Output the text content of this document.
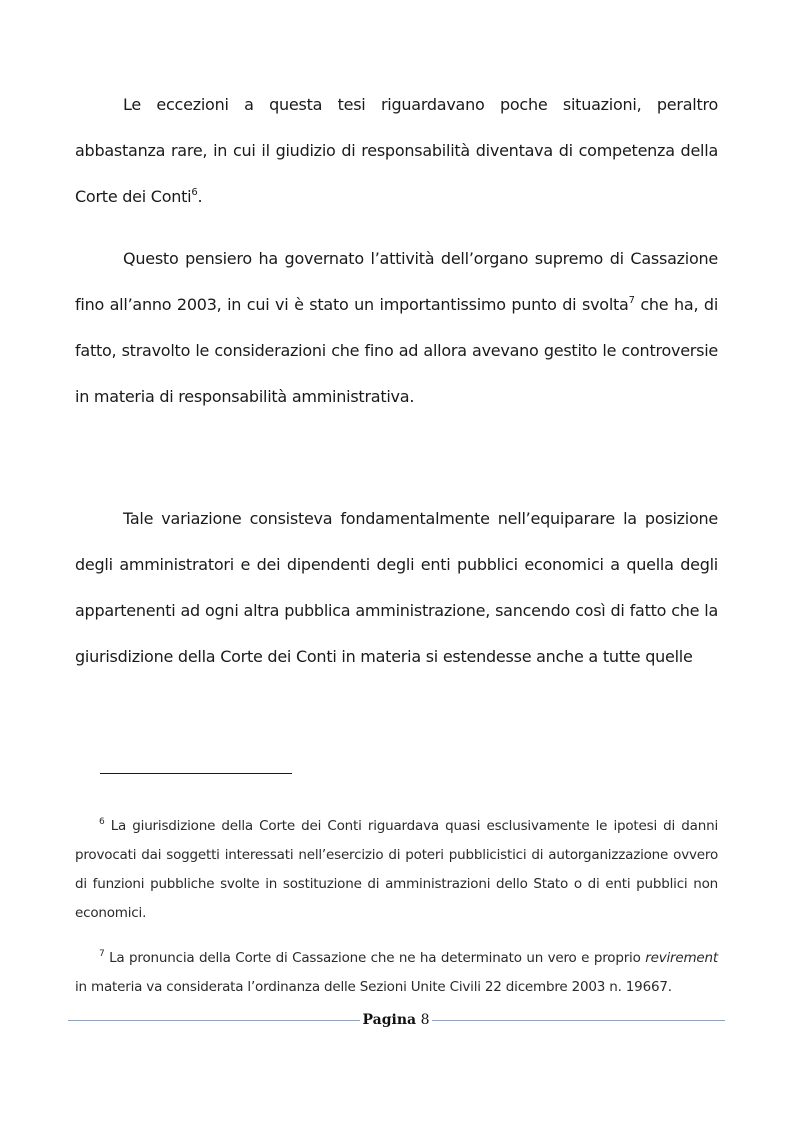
Le eccezioni a questa tesi riguardavano poche situazioni, peraltro abbastanza rare, in cui il giudizio di responsabilità diventava di competenza della Corte dei Conti$^6$.

Questo pensiero ha governato l’attività dell’organo supremo di Cassazione fino all’anno 2003, in cui vi è stato un importantissimo punto di svolta$^7$ che ha, di fatto, stravolto le considerazioni che fino ad allora avevano gestito le controversie in materia di responsabilità amministrativa.

Tale variazione consisteva fondamentalmente nell’equiparare la posizione degli amministratori e dei dipendenti degli enti pubblici economici a quella degli appartenenti ad ogni altra pubblica amministrazione, sancendo così di fatto che la giurisdizione della Corte dei Conti in materia si estendesse anche a tutte quelle

$^6$ La giurisdizione della Corte dei Conti riguardava quasi esclusivamente le ipotesi di danni provocati dai soggetti interessati nell’esercizio di poteri pubblicistici di autorganizzazione ovvero di funzioni pubbliche svolte in sostituzione di amministrazioni dello Stato o di enti pubblici non economici.

$^7$ La pronuncia della Corte di Cassazione che ne ha determinato un vero e proprio revirement in materia va considerata l’ordinanza delle Sezioni Unite Civili 22 dicembre 2003 n. 19667.

Pagina 8
